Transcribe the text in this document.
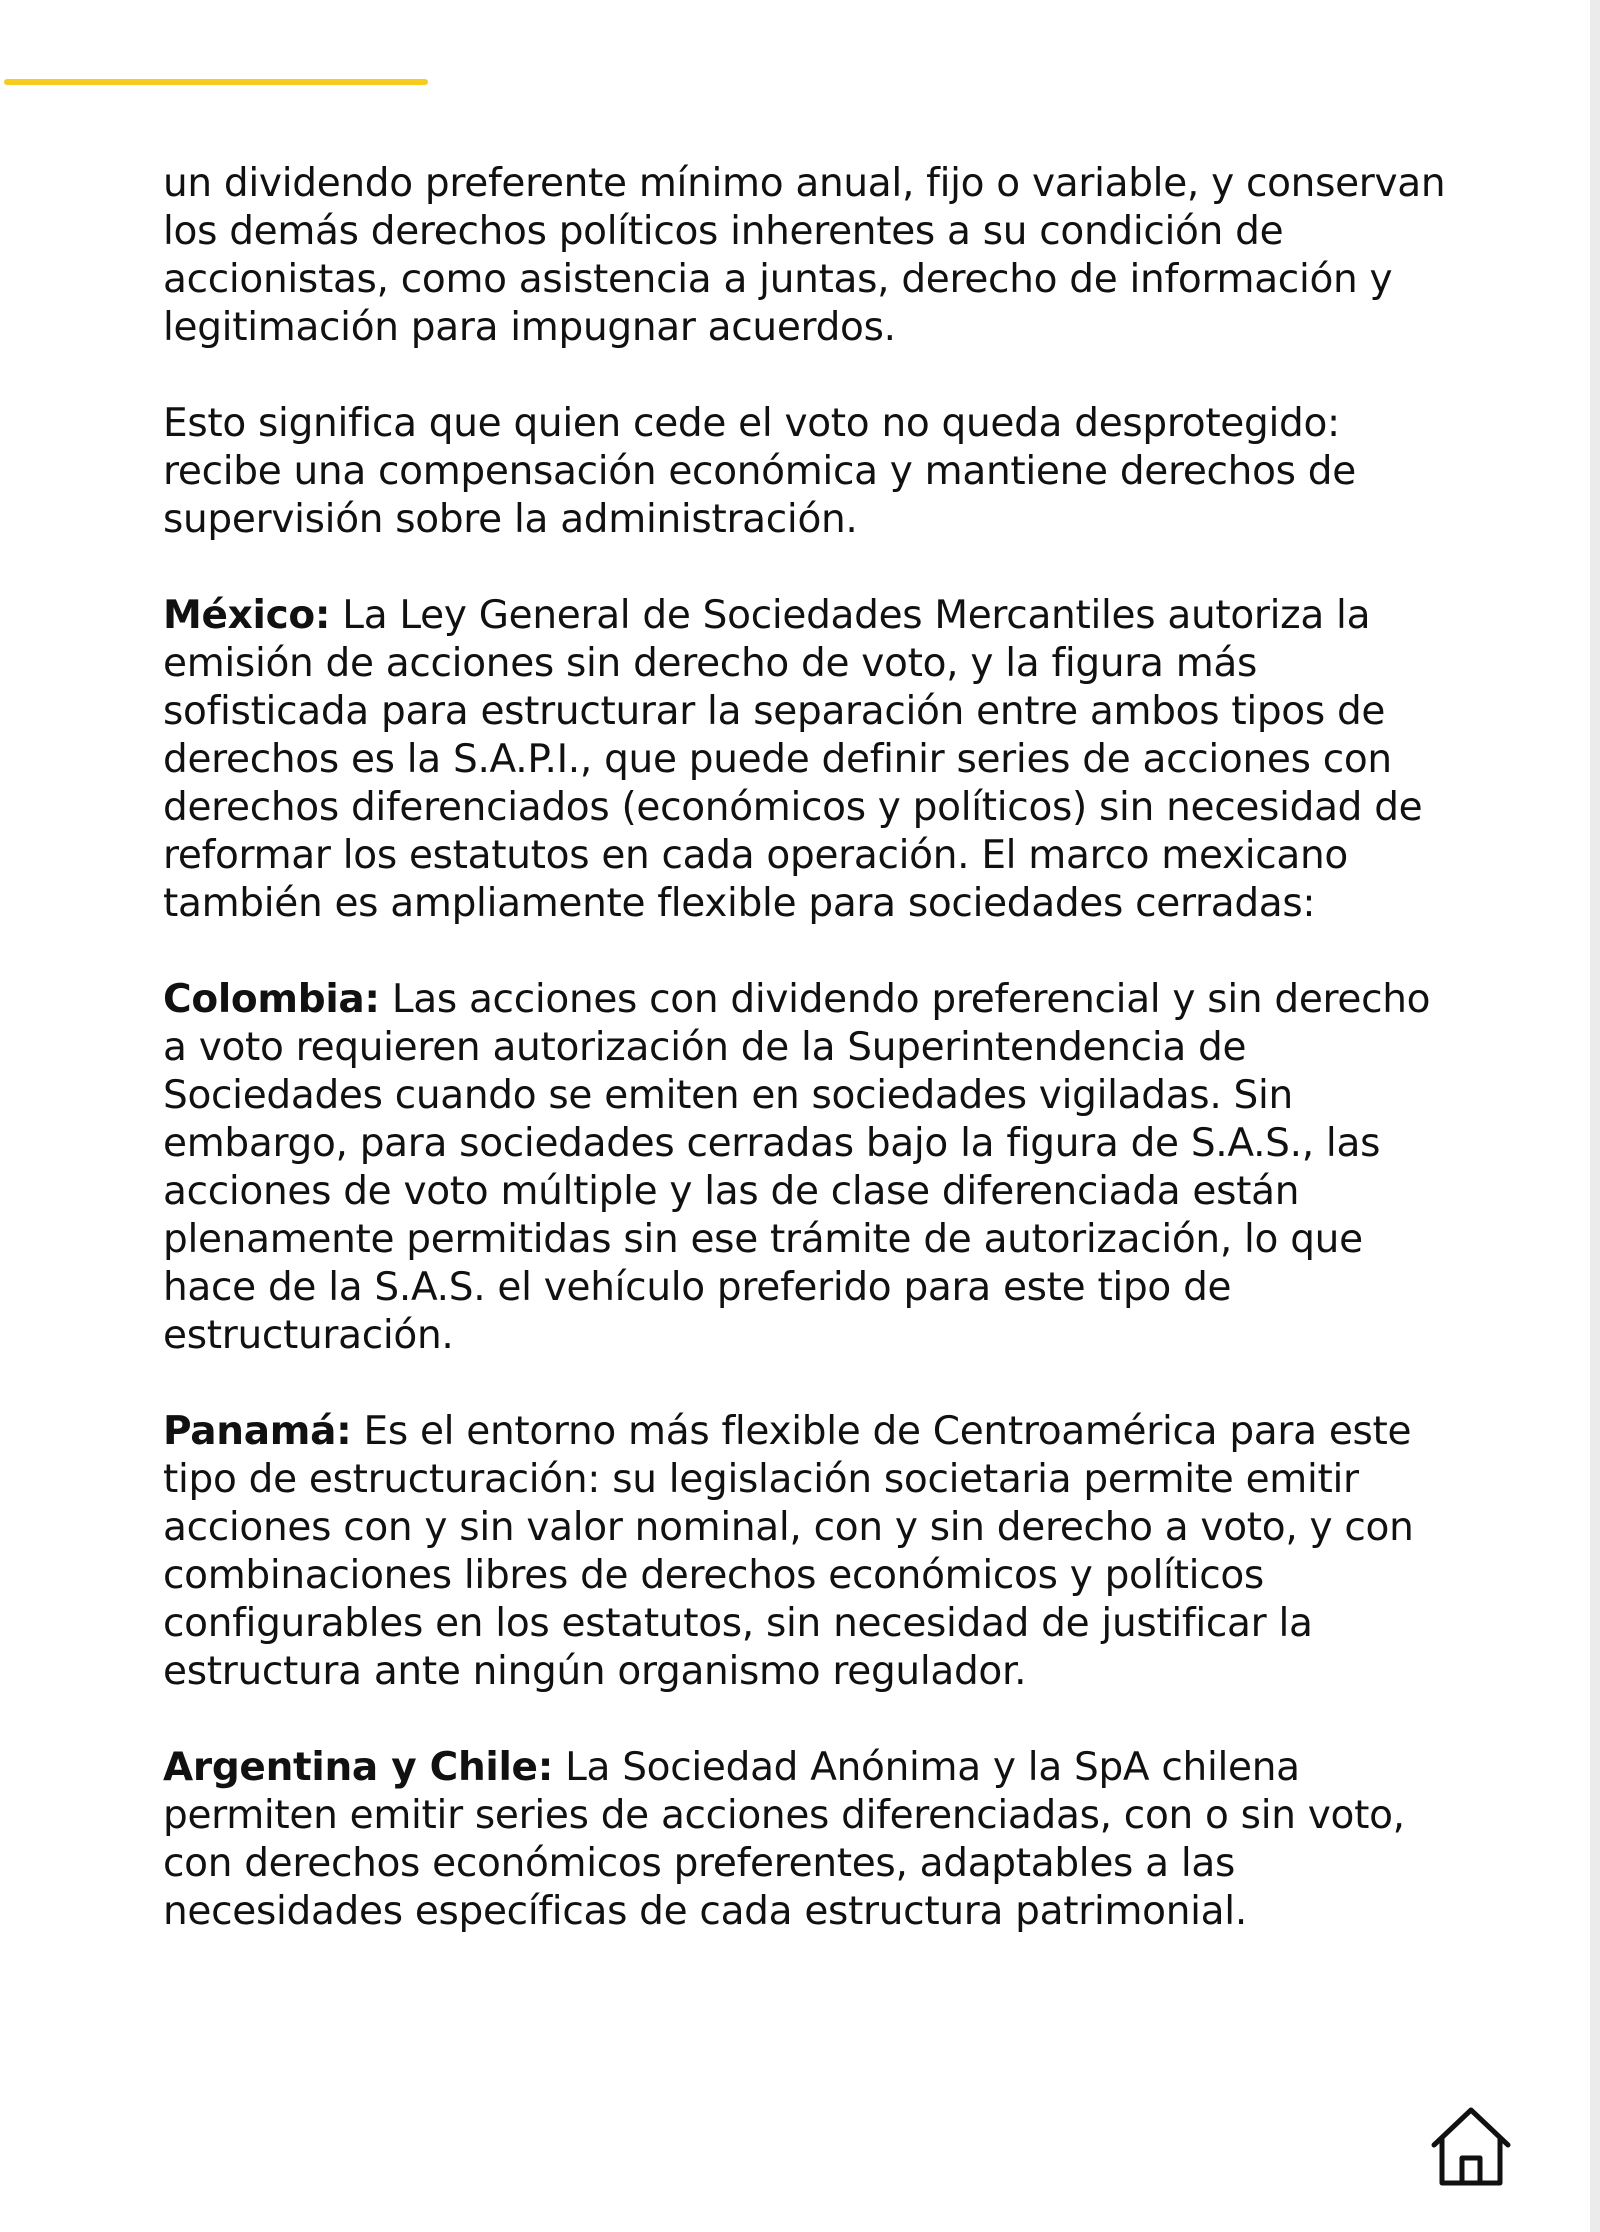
un dividendo preferente mínimo anual, fijo o variable, y conservan los demás derechos políticos inherentes a su condición de accionistas, como asistencia a juntas, derecho de información y legitimación para impugnar acuerdos.

Esto significa que quien cede el voto no queda desprotegido: recibe una compensación económica y mantiene derechos de supervisión sobre la administración.

México: La Ley General de Sociedades Mercantiles autoriza la emisión de acciones sin derecho de voto, y la figura más sofisticada para estructurar la separación entre ambos tipos de derechos es la S.A.P.I., que puede definir series de acciones con derechos diferenciados (económicos y políticos) sin necesidad de reformar los estatutos en cada operación. El marco mexicano también es ampliamente flexible para sociedades cerradas:

Colombia: Las acciones con dividendo preferencial y sin derecho a voto requieren autorización de la Superintendencia de Sociedades cuando se emiten en sociedades vigiladas. Sin embargo, para sociedades cerradas bajo la figura de S.A.S., las acciones de voto múltiple y las de clase diferenciada están plenamente permitidas sin ese trámite de autorización, lo que hace de la S.A.S. el vehículo preferido para este tipo de estructuración.

Panamá: Es el entorno más flexible de Centroamérica para este tipo de estructuración: su legislación societaria permite emitir acciones con y sin valor nominal, con y sin derecho a voto, y con combinaciones libres de derechos económicos y políticos configurables en los estatutos, sin necesidad de justificar la estructura ante ningún organismo regulador.

Argentina y Chile: La Sociedad Anónima y la SpA chilena permiten emitir series de acciones diferenciadas, con o sin voto, con derechos económicos preferentes, adaptables a las necesidades específicas de cada estructura patrimonial.
